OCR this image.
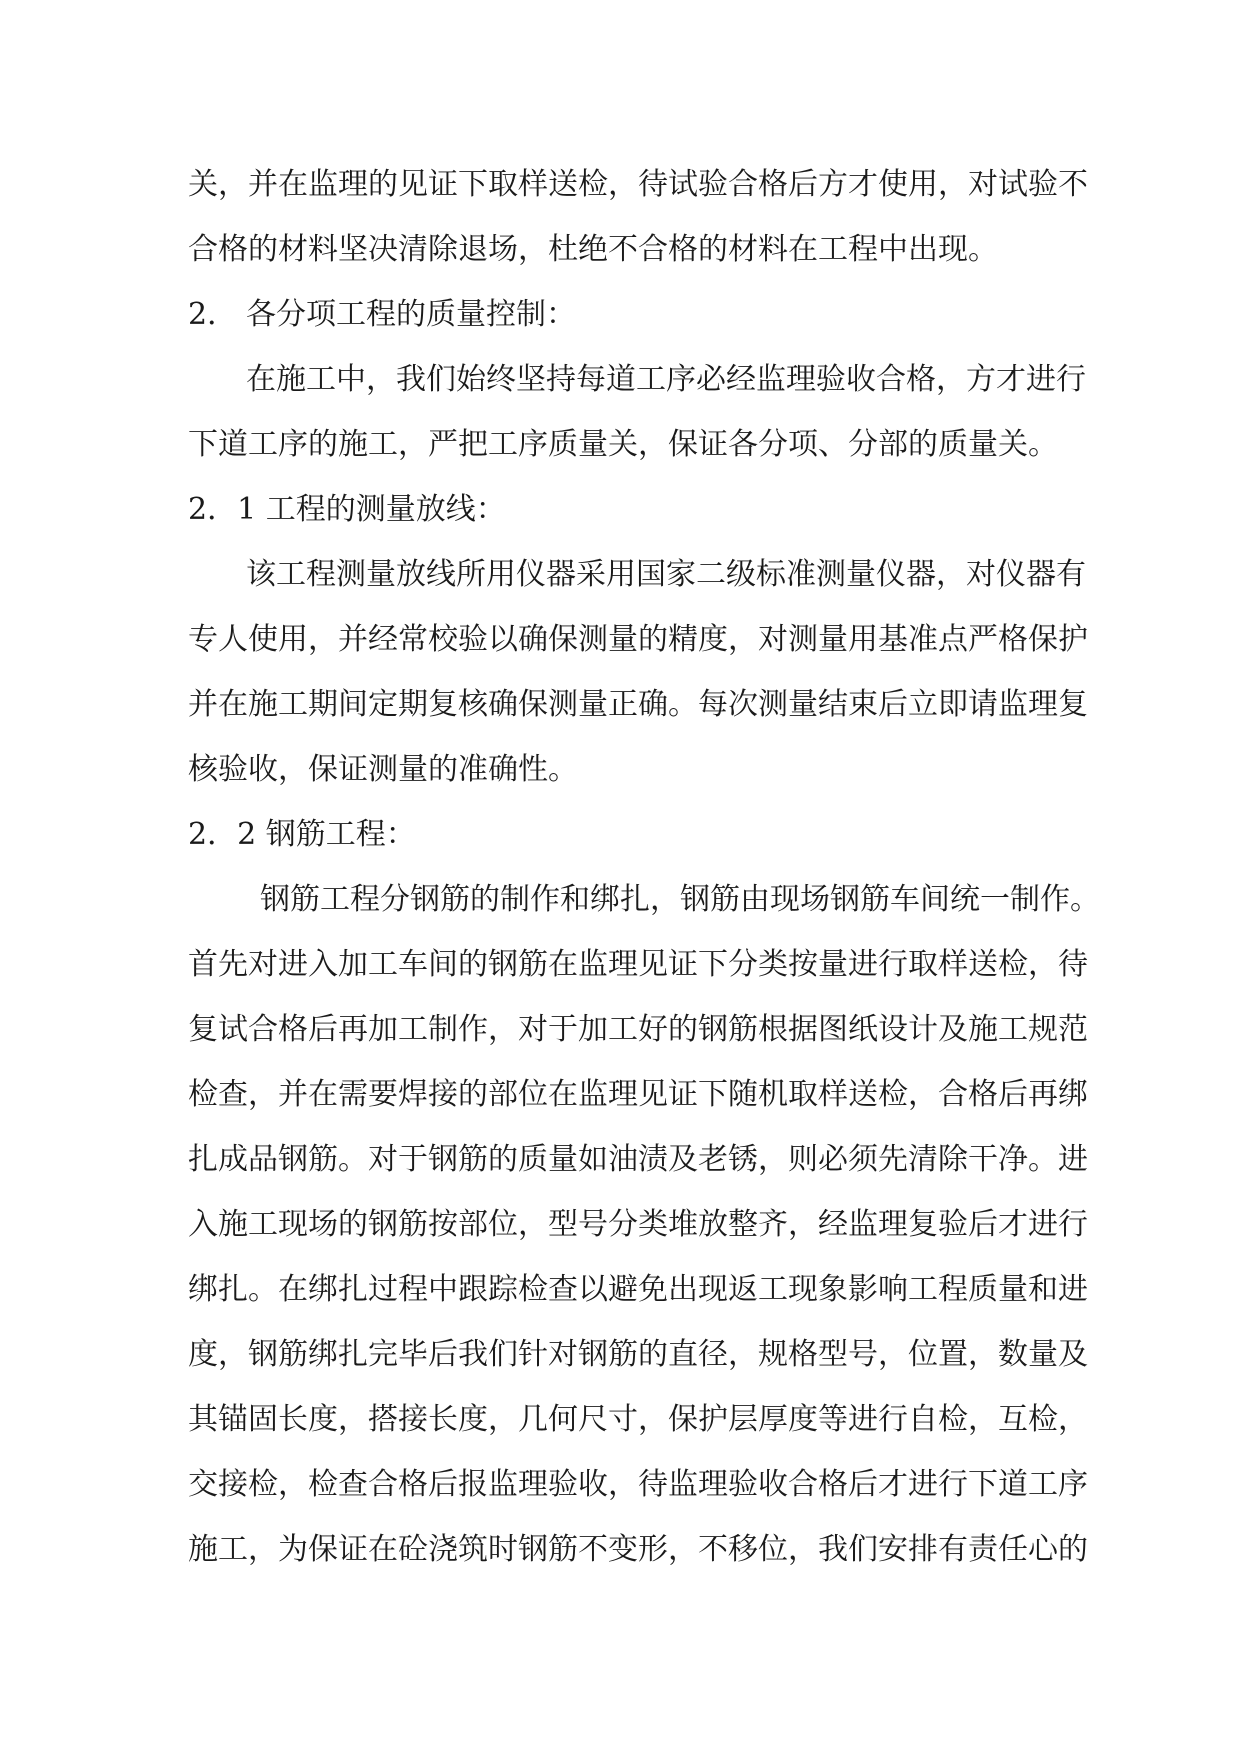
关，并在监理的见证下取样送检，待试验合格后方才使用，对试验不
合格的材料坚决清除退场，杜绝不合格的材料在工程中出现。
2． 各分项工程的质量控制：
在施工中，我们始终坚持每道工序必经监理验收合格，方才进行
下道工序的施工，严把工序质量关，保证各分项、分部的质量关。
2．1 工程的测量放线：
该工程测量放线所用仪器采用国家二级标准测量仪器，对仪器有
专人使用，并经常校验以确保测量的精度，对测量用基准点严格保护
并在施工期间定期复核确保测量正确。每次测量结束后立即请监理复
核验收，保证测量的准确性。
2．2 钢筋工程：
钢筋工程分钢筋的制作和绑扎，钢筋由现场钢筋车间统一制作。
首先对进入加工车间的钢筋在监理见证下分类按量进行取样送检，待
复试合格后再加工制作，对于加工好的钢筋根据图纸设计及施工规范
检查，并在需要焊接的部位在监理见证下随机取样送检，合格后再绑
扎成品钢筋。对于钢筋的质量如油渍及老锈，则必须先清除干净。进
入施工现场的钢筋按部位，型号分类堆放整齐，经监理复验后才进行
绑扎。在绑扎过程中跟踪检查以避免出现返工现象影响工程质量和进
度，钢筋绑扎完毕后我们针对钢筋的直径，规格型号，位置，数量及
其锚固长度，搭接长度，几何尺寸，保护层厚度等进行自检，互检，
交接检，检查合格后报监理验收，待监理验收合格后才进行下道工序
施工，为保证在砼浇筑时钢筋不变形，不移位，我们安排有责任心的
